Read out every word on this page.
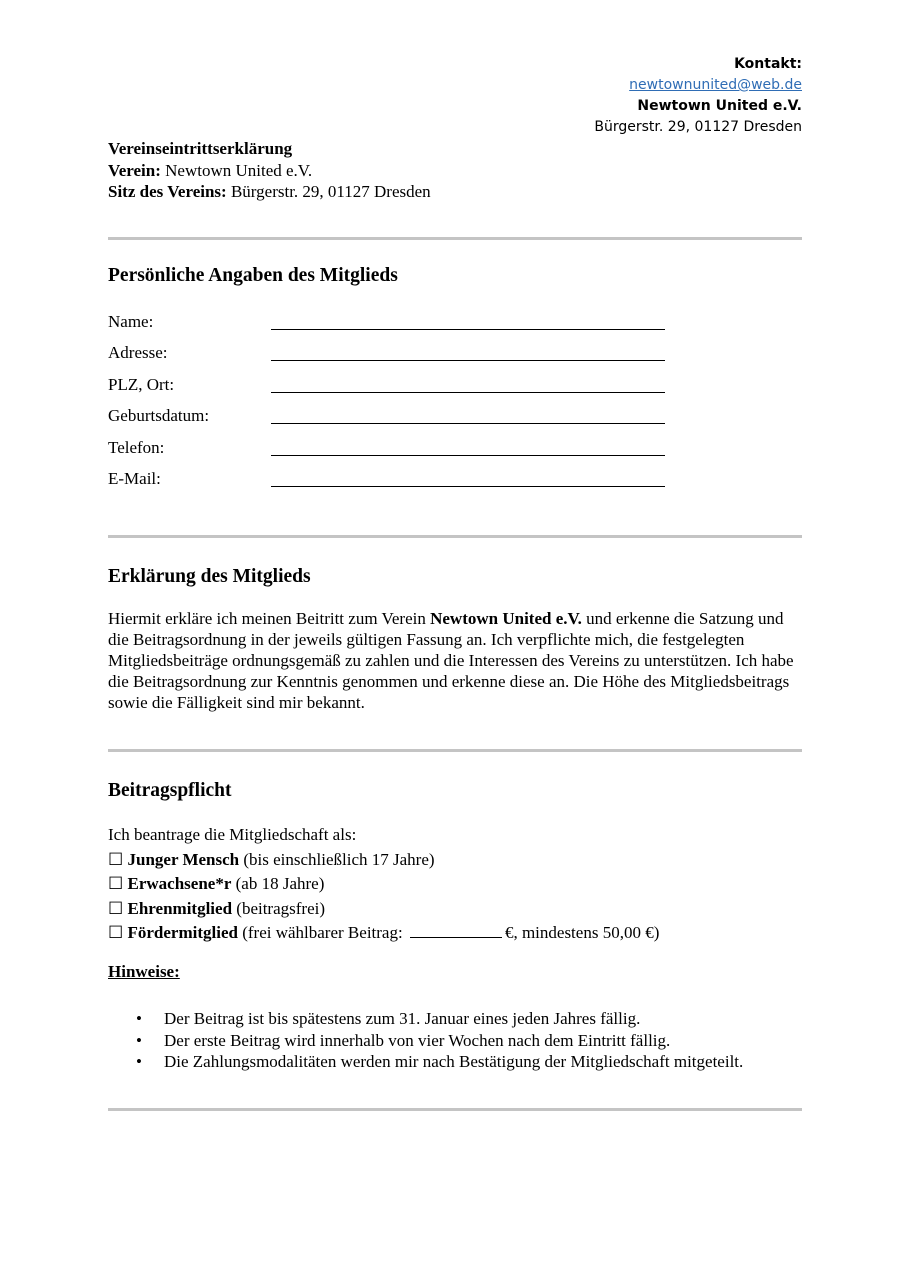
Kontakt:
newtownunited@web.de
Newtown United e.V.
Bürgerstr. 29, 01127 Dresden
Vereinseintrittserklärung
Verein: Newtown United e.V.
Sitz des Vereins: Bürgerstr. 29, 01127 Dresden
Persönliche Angaben des Mitglieds
Name:
Adresse:
PLZ, Ort:
Geburtsdatum:
Telefon:
E-Mail:
Erklärung des Mitglieds
Hiermit erkläre ich meinen Beitritt zum Verein Newtown United e.V. und erkenne die Satzung und die Beitragsordnung in der jeweils gültigen Fassung an. Ich verpflichte mich, die festgelegten Mitgliedsbeiträge ordnungsgemäß zu zahlen und die Interessen des Vereins zu unterstützen. Ich habe die Beitragsordnung zur Kenntnis genommen und erkenne diese an. Die Höhe des Mitgliedsbeitrags sowie die Fälligkeit sind mir bekannt.
Beitragspflicht
Ich beantrage die Mitgliedschaft als:
☐ Junger Mensch (bis einschließlich 17 Jahre)
☐ Erwachsene*r (ab 18 Jahre)
☐ Ehrenmitglied (beitragsfrei)
☐ Fördermitglied (frei wählbarer Beitrag:	€, mindestens 50,00 €)
Hinweise:
• Der Beitrag ist bis spätestens zum 31. Januar eines jeden Jahres fällig.
• Der erste Beitrag wird innerhalb von vier Wochen nach dem Eintritt fällig.
• Die Zahlungsmodalitäten werden mir nach Bestätigung der Mitgliedschaft mitgeteilt.
